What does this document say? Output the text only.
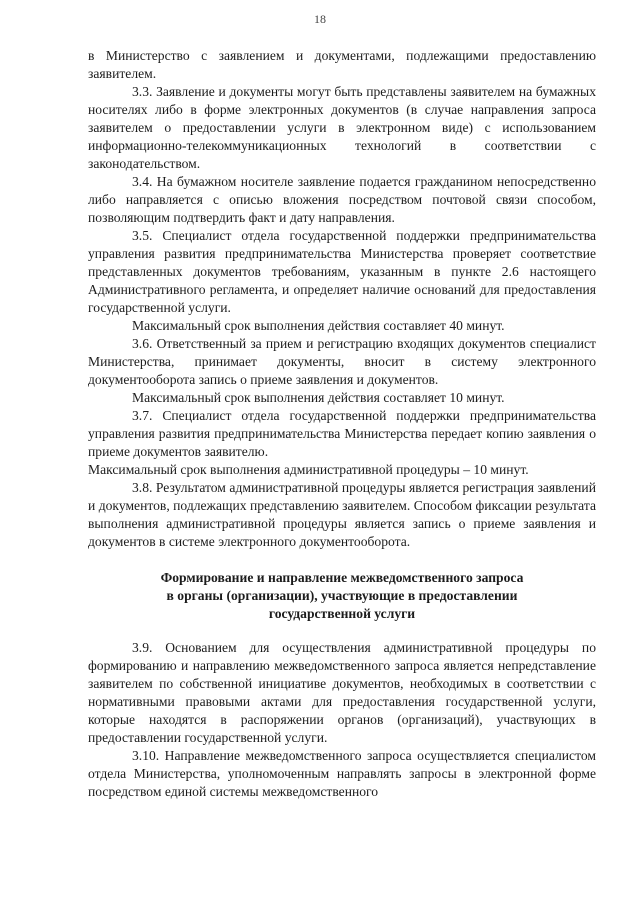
18

в Министерство с заявлением и документами, подлежащими предоставлению заявителем.

3.3. Заявление и документы могут быть представлены заявителем на бумажных носителях либо в форме электронных документов (в случае направления запроса заявителем о предоставлении услуги в электронном виде) с использованием информационно-телекоммуникационных технологий в соответствии с законодательством.

3.4. На бумажном носителе заявление подается гражданином непосредственно либо направляется с описью вложения посредством почтовой связи способом, позволяющим подтвердить факт и дату направления.

3.5. Специалист отдела государственной поддержки предпринимательства управления развития предпринимательства Министерства проверяет соответствие представленных документов требованиям, указанным в пункте 2.6 настоящего Административного регламента, и определяет наличие оснований для предоставления государственной услуги.

Максимальный срок выполнения действия составляет 40 минут.

3.6. Ответственный за прием и регистрацию входящих документов специалист Министерства, принимает документы, вносит в систему электронного документооборота запись о приеме заявления и документов.

Максимальный срок выполнения действия составляет 10 минут.

3.7. Специалист отдела государственной поддержки предпринимательства управления развития предпринимательства Министерства передает копию заявления о приеме документов заявителю.

Максимальный срок выполнения административной процедуры – 10 минут.

3.8. Результатом административной процедуры является регистрация заявлений и документов, подлежащих представлению заявителем. Способом фиксации результата выполнения административной процедуры является запись о приеме заявления и документов в системе электронного документооборота.

Формирование и направление межведомственного запроса
в органы (организации), участвующие в предоставлении
государственной услуги

3.9. Основанием для осуществления административной процедуры по формированию и направлению межведомственного запроса является непредставление заявителем по собственной инициативе документов, необходимых в соответствии с нормативными правовыми актами для предоставления государственной услуги, которые находятся в распоряжении органов (организаций), участвующих в предоставлении государственной услуги.

3.10. Направление межведомственного запроса осуществляется специалистом отдела Министерства, уполномоченным направлять запросы в электронной форме посредством единой системы межведомственного
